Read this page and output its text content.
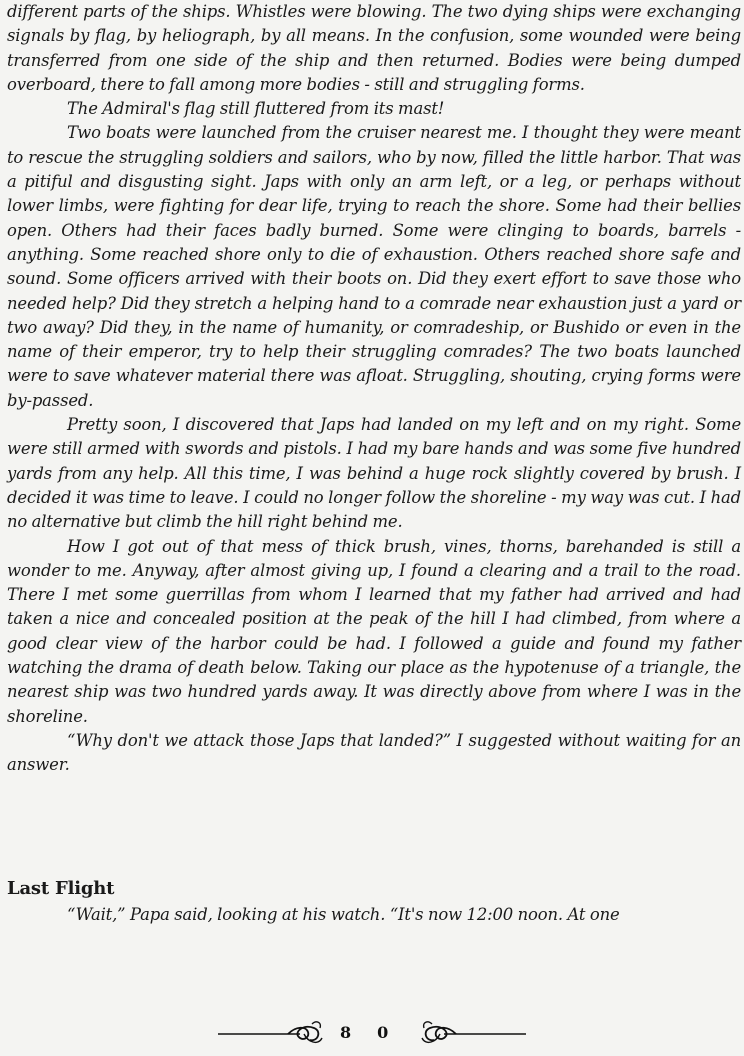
different parts of the ships. Whistles were blowing. The two dying ships were exchanging signals by flag, by heliograph, by all means. In the confusion, some wounded were being transferred from one side of the ship and then returned. Bodies were being dumped overboard, there to fall among more bodies - still and struggling forms.

The Admiral's flag still fluttered from its mast!

Two boats were launched from the cruiser nearest me. I thought they were meant to rescue the struggling soldiers and sailors, who by now, filled the little harbor. That was a pitiful and disgusting sight. Japs with only an arm left, or a leg, or perhaps without lower limbs, were fighting for dear life, trying to reach the shore. Some had their bellies open. Others had their faces badly burned. Some were clinging to boards, barrels - anything. Some reached shore only to die of exhaustion. Others reached shore safe and sound. Some officers arrived with their boots on. Did they exert effort to save those who needed help? Did they stretch a helping hand to a comrade near exhaustion just a yard or two away? Did they, in the name of humanity, or comradeship, or Bushido or even in the name of their emperor, try to help their struggling comrades? The two boats launched were to save whatever material there was afloat. Struggling, shouting, crying forms were by-passed.

Pretty soon, I discovered that Japs had landed on my left and on my right. Some were still armed with swords and pistols. I had my bare hands and was some five hundred yards from any help. All this time, I was behind a huge rock slightly covered by brush. I decided it was time to leave. I could no longer follow the shoreline - my way was cut. I had no alternative but climb the hill right behind me.

How I got out of that mess of thick brush, vines, thorns, barehanded is still a wonder to me. Anyway, after almost giving up, I found a clearing and a trail to the road. There I met some guerrillas from whom I learned that my father had arrived and had taken a nice and concealed position at the peak of the hill I had climbed, from where a good clear view of the harbor could be had. I followed a guide and found my father watching the drama of death below. Taking our place as the hypotenuse of a triangle, the nearest ship was two hundred yards away. It was directly above from where I was in the shoreline.

“Why don't we attack those Japs that landed?” I suggested without waiting for an answer.

Last Flight

“Wait,” Papa said, looking at his watch. “It's now 12:00 noon. At one

80
